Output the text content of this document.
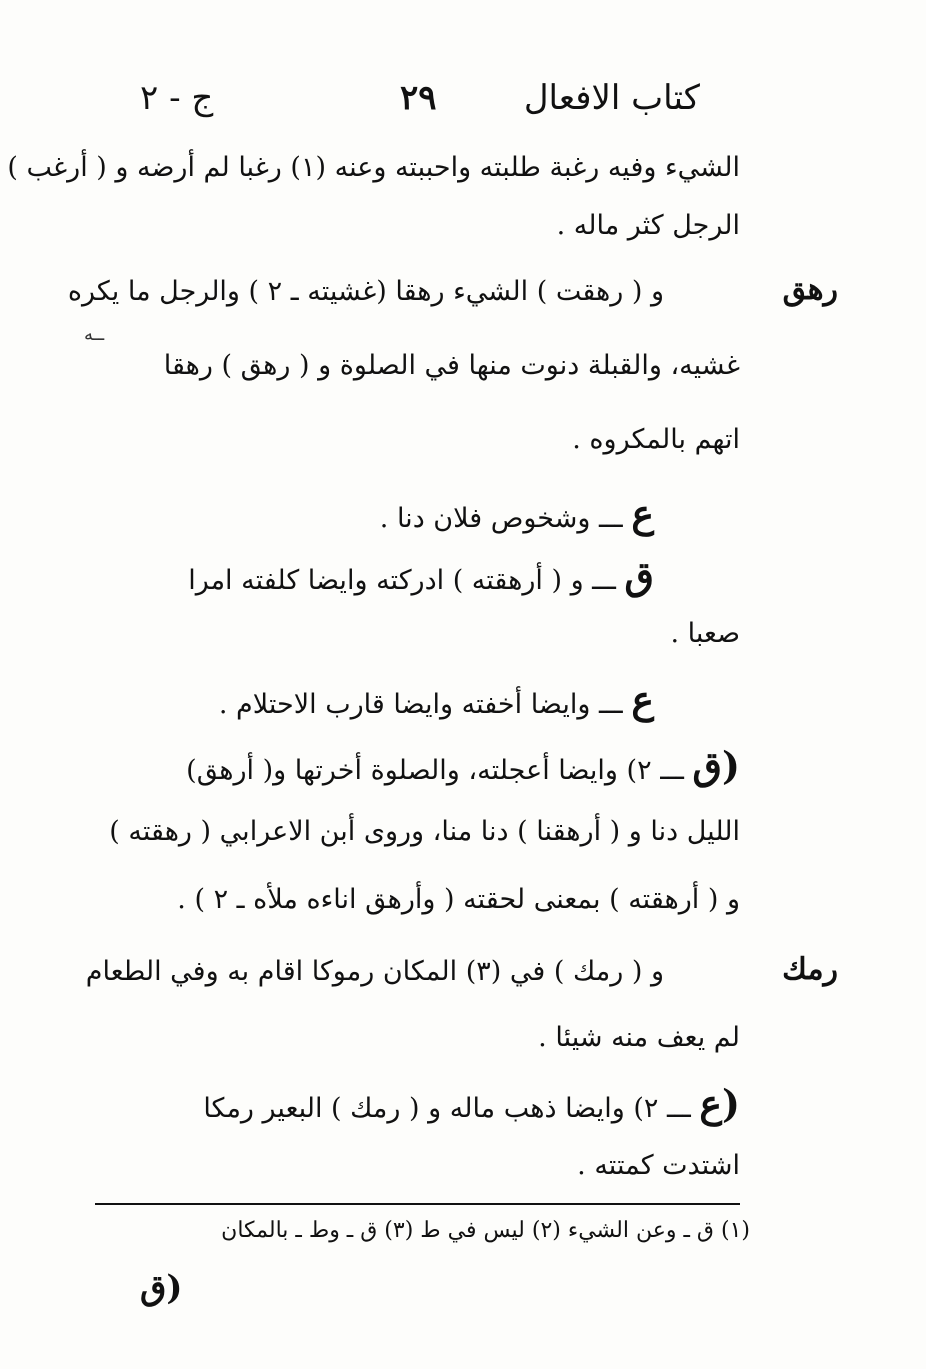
كتاب الافعال
٢٩
ج - ٢
الشيء وفيه رغبة طلبته واحببته وعنه (١) رغبا لم أرضه و ( أرغب )
الرجل كثر ماله .
رهق
و ( رهقت ) الشيء رهقا (غشيته ـ ٢ ) والرجل ما يكره
غشيه، والقبلة دنوت منها في الصلوة و ( رهق ) رهقا
اتهم بالمكروه .
ــه
ع ـــ وشخوص فلان دنا .
ق ـــ و ( أرهقته ) ادركته وايضا كلفته امرا
صعبا .
ع ـــ وايضا أخفته وايضا قارب الاحتلام .
(ق ـــ ٢) وايضا أعجلته، والصلوة أخرتها و( أرهق)
الليل دنا و ( أرهقنا ) دنا منا، وروى أبن الاعرابي ( رهقته )
و ( أرهقته ) بمعنى لحقته ( وأرهق اناءه ملأه ـ ٢ ) .
رمك
و ( رمك ) في (٣) المكان رموكا اقام به وفي الطعام
لم يعف منه شيئا .
(ع ـــ ٢) وايضا ذهب ماله و ( رمك ) البعير رمكا
اشتدت كمتته .
(١) ق ـ وعن الشيء (٢) ليس في ط (٣) ق ـ وط ـ بالمكان
(ق
